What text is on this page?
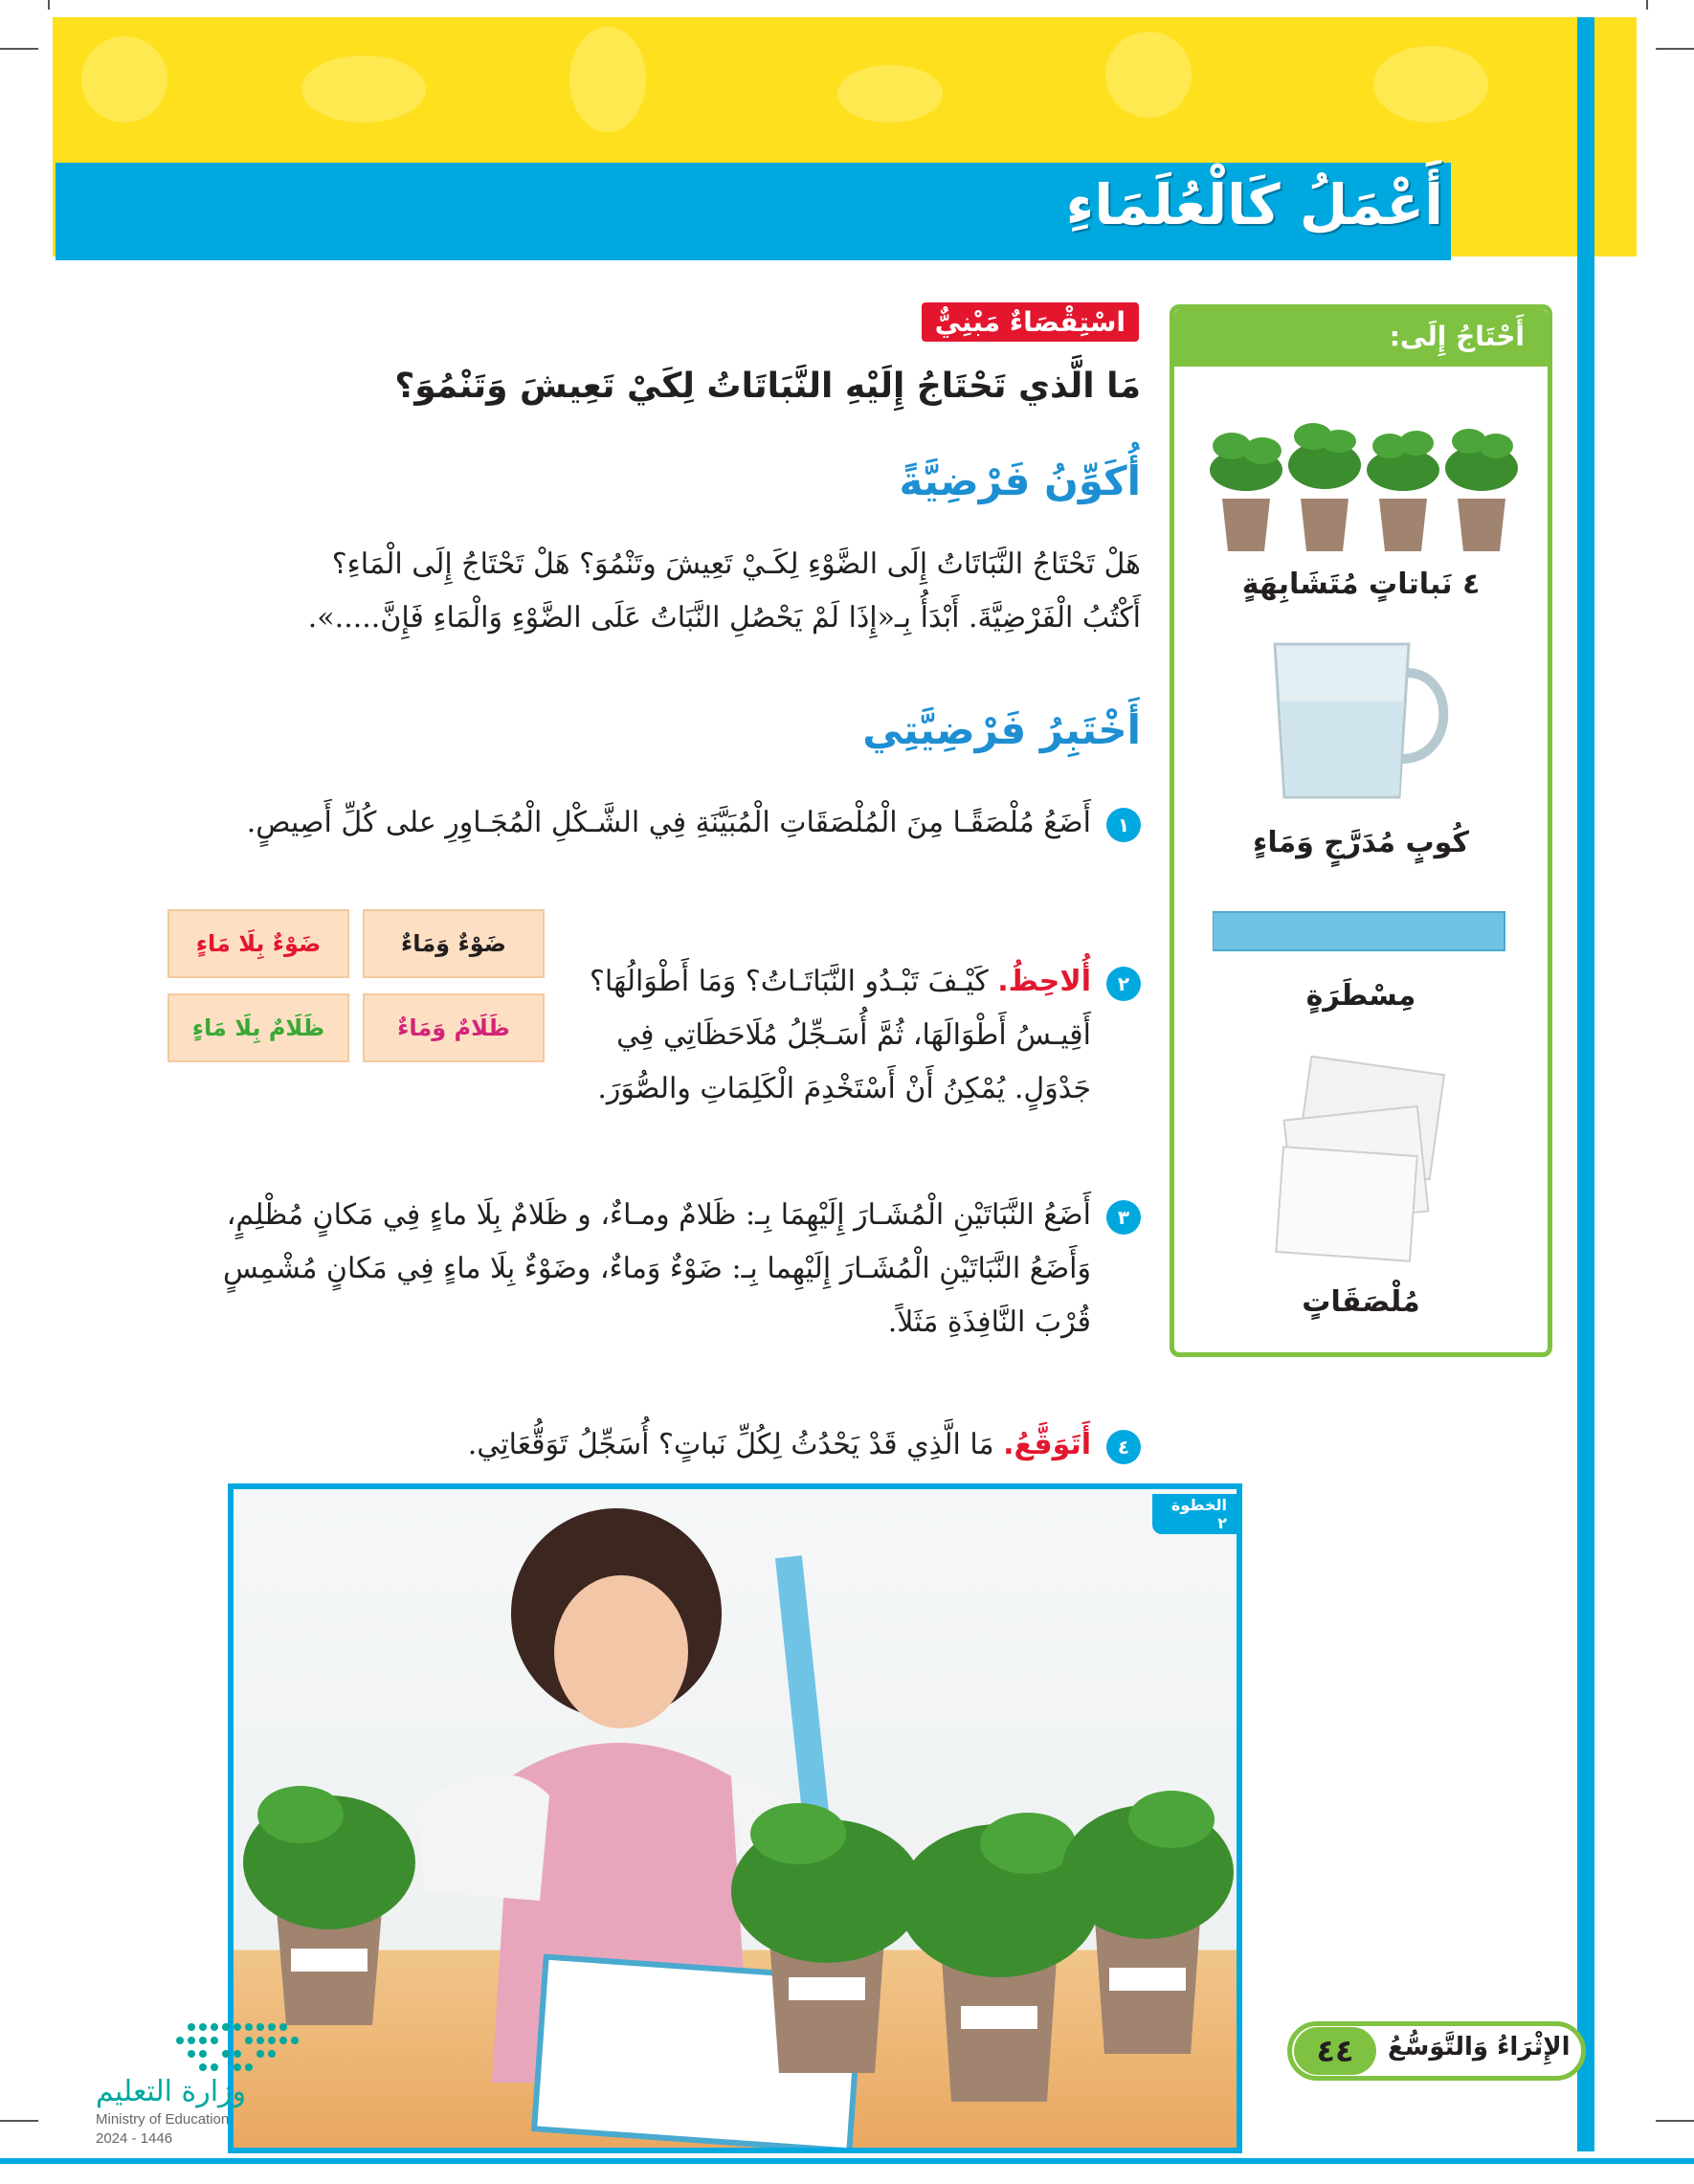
أَعْمَلُ كَالْعُلَمَاءِ
اسْتِقْصَاءٌ مَبْنِيٌّ
مَا الَّذي تَحْتَاجُ إِلَيْهِ النَّبَاتَاتُ لِكَيْ تَعِيشَ وَتَنْمُوَ؟
أُكَوِّنُ فَرْضِيَّةً
هَلْ تَحْتَاجُ النَّبَاتَاتُ إِلَى الضَّوْءِ لِكَـيْ تَعِيشَ وتَنْمُوَ؟ هَلْ تَحْتَاجُ إِلَى الْمَاءِ؟
أَكْتُبُ الْفَرْضِيَّةَ. أَبْدَأُ بِـ«إِذَا لَمْ يَحْصُلِ النَّبَاتُ عَلَى الضَّوْءِ وَالْمَاءِ فَإِنَّ.....».
أَخْتَبِرُ فَرْضِيَّتِي
١
أَضَعُ مُلْصَقًـا مِنَ الْمُلْصَقَاتِ الْمُبَيَّنَةِ فِي الشَّـكْلِ الْمُجَـاوِرِ على كُلِّ أَصِيصٍ.
٢
أُلاحِظُ. كَيْـفَ تَبْـدُو النَّبَاتَـاتُ؟ وَمَا أَطْوَالُهَا؟ أَقِيـسُ أَطْوَالَهَا، ثُمَّ أُسَـجِّلُ مُلَاحَظَاتِي فِي جَدْوَلٍ. يُمْكِنُ أَنْ أَسْتَخْدِمَ الْكَلِمَاتِ والصُّوَرَ.
ضَوْءٌ بِلَا مَاءٍ	ضَوْءٌ وَمَاءٌ
ظَلَامٌ بِلَا مَاءٍ	ظَلَامٌ وَمَاءٌ
٣
أَضَعُ النَّبَاتَيْنِ الْمُشَـارَ إِلَيْهِمَا بِـ: ظَلامٌ ومـاءٌ، و ظَلامٌ بِلَا ماءٍ فِي مَكانٍ مُظْلِمٍ، وَأَضَعُ النَّبَاتَيْنِ الْمُشَـارَ إِلَيْهِما بِـ: ضَوْءٌ وَماءٌ، وضَوْءٌ بِلَا ماءٍ فِي مَكانٍ مُشْمِسٍ قُرْبَ النَّافِذَةِ مَثَلاً.
٤
أَتَوَقَّعُ. مَا الَّذِي قَدْ يَحْدُثُ لِكُلِّ نَباتٍ؟ أُسَجِّلُ تَوَقُّعَاتِي.
أَحْتَاجُ إِلَى:
٤ نَباتاتٍ مُتَشَابِهَةٍ
كُوبٍ مُدَرَّجٍ وَمَاءٍ
مِسْطَرَةٍ
مُلْصَقَاتٍ
الخطوة ٢
وزارة التعليم
Ministry of Education
2024 - 1446
٤٤	الإِثْرَاءُ وَالتَّوَسُّعُ
